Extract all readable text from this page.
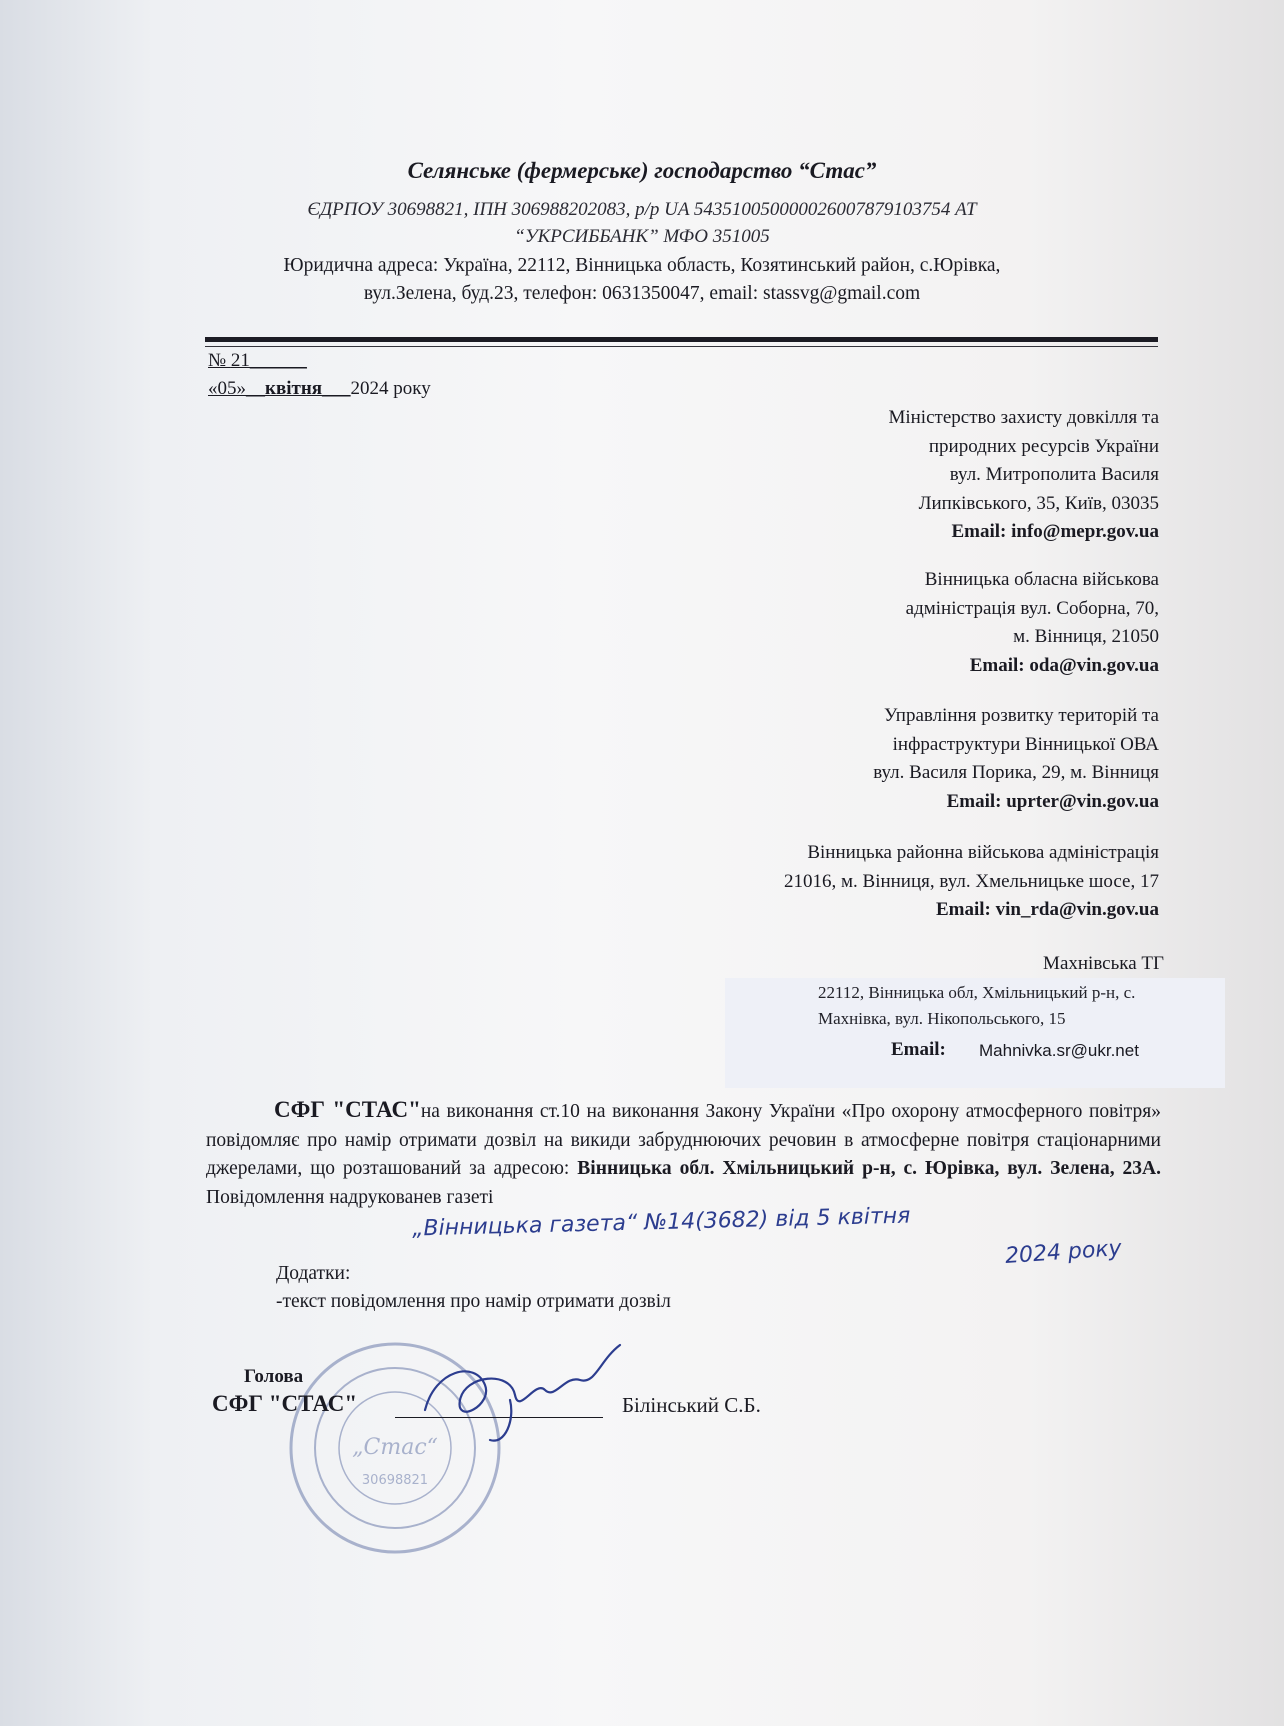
Селянське (фермерське) господарство “Стас”
ЄДРПОУ 30698821, ІПН 306988202083, р/р UA 543510050000026007879103754 АТ
“УКРСИББАНК” МФО 351005
Юридична адреса: Україна, 22112, Вінницька область, Козятинський район, с.Юрівка,
вул.Зелена, буд.23, телефон: 0631350047, email: stassvg@gmail.com
№ 21______
«05»__квітня___2024 року
Міністерство захисту довкілля та
природних ресурсів України
вул. Митрополита Василя
Липківського, 35, Київ, 03035
Email: info@mepr.gov.ua
Вінницька обласна військова
адміністрація вул. Соборна, 70,
м. Вінниця, 21050
Email: oda@vin.gov.ua
Управління розвитку територій та
інфраструктури Вінницької ОВА
вул. Василя Порика, 29, м. Вінниця
Email: uprter@vin.gov.ua
Вінницька районна військова адміністрація
21016, м. Вінниця, вул. Хмельницьке шосе, 17
Email: vin_rda@vin.gov.ua
Махнівська ТГ
22112, Вінницька обл, Хмільницький р-н, с.
Махнівка, вул. Нікопольського, 15
Email: Mahnivka.sr@ukr.net
СФГ "СТАС"на виконання ст.10 на виконання Закону України «Про охорону атмосферного повітря» повідомляє про намір отримати дозвіл на викиди забруднюючих речовин в атмосферне повітря стаціонарними джерелами, що розташований за адресою: Вінницька обл. Хмільницький р-н, с. Юрівка, вул. Зелена, 23А. Повідомлення надрукованев газеті
„Вінницька газета“ №14(3682) від 5 квітня
2024 року
Додатки:
-текст повідомлення про намір отримати дозвіл
„Стас“
30698821
Голова
СФГ "СТАС"	Білінський С.Б.
